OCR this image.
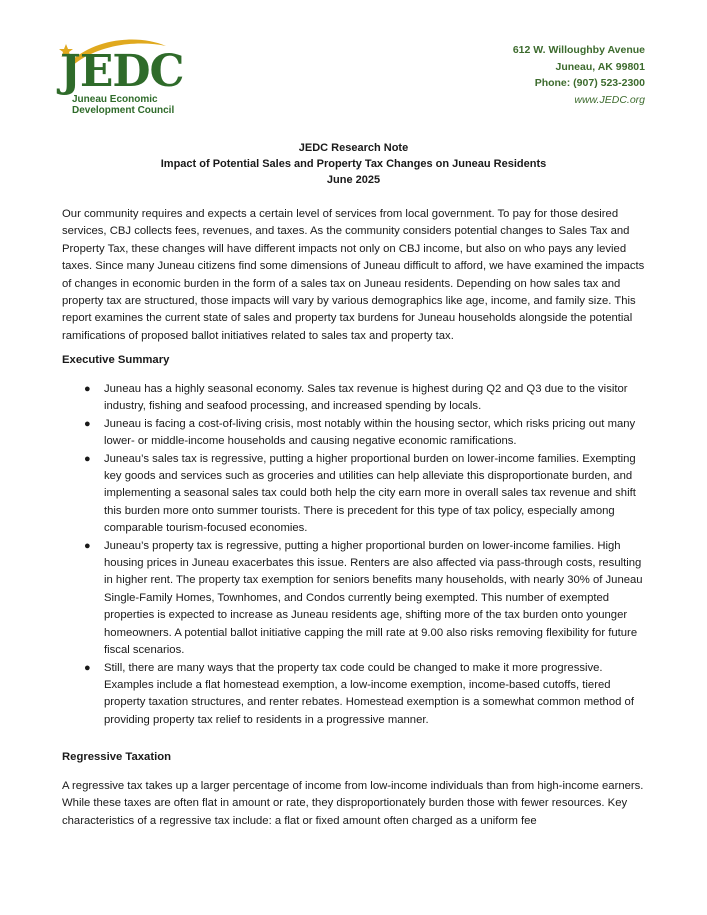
JEDC
Juneau Economic
Development Council
612 W. Willoughby Avenue
Juneau, AK 99801
Phone: (907) 523-2300
www.JEDC.org
JEDC Research Note
Impact of Potential Sales and Property Tax Changes on Juneau Residents
June 2025
Our community requires and expects a certain level of services from local government. To pay for those desired services, CBJ collects fees, revenues, and taxes. As the community considers potential changes to Sales Tax and Property Tax, these changes will have different impacts not only on CBJ income, but also on who pays any levied taxes. Since many Juneau citizens find some dimensions of Juneau difficult to afford, we have examined the impacts of changes in economic burden in the form of a sales tax on Juneau residents. Depending on how sales tax and property tax are structured, those impacts will vary by various demographics like age, income, and family size. This report examines the current state of sales and property tax burdens for Juneau households alongside the potential ramifications of proposed ballot initiatives related to sales tax and property tax.
Executive Summary
● Juneau has a highly seasonal economy. Sales tax revenue is highest during Q2 and Q3 due to the visitor industry, fishing and seafood processing, and increased spending by locals.
● Juneau is facing a cost-of-living crisis, most notably within the housing sector, which risks pricing out many lower- or middle-income households and causing negative economic ramifications.
● Juneau’s sales tax is regressive, putting a higher proportional burden on lower-income families. Exempting key goods and services such as groceries and utilities can help alleviate this disproportionate burden, and implementing a seasonal sales tax could both help the city earn more in overall sales tax revenue and shift this burden more onto summer tourists. There is precedent for this type of tax policy, especially among comparable tourism-focused economies.
● Juneau’s property tax is regressive, putting a higher proportional burden on lower-income families. High housing prices in Juneau exacerbates this issue. Renters are also affected via pass-through costs, resulting in higher rent. The property tax exemption for seniors benefits many households, with nearly 30% of Juneau Single-Family Homes, Townhomes, and Condos currently being exempted. This number of exempted properties is expected to increase as Juneau residents age, shifting more of the tax burden onto younger homeowners. A potential ballot initiative capping the mill rate at 9.00 also risks removing flexibility for future fiscal scenarios.
● Still, there are many ways that the property tax code could be changed to make it more progressive. Examples include a flat homestead exemption, a low-income exemption, income-based cutoffs, tiered property taxation structures, and renter rebates. Homestead exemption is a somewhat common method of providing property tax relief to residents in a progressive manner.
Regressive Taxation
A regressive tax takes up a larger percentage of income from low-income individuals than from high-income earners. While these taxes are often flat in amount or rate, they disproportionately burden those with fewer resources. Key characteristics of a regressive tax include: a flat or fixed amount often charged as a uniform fee
